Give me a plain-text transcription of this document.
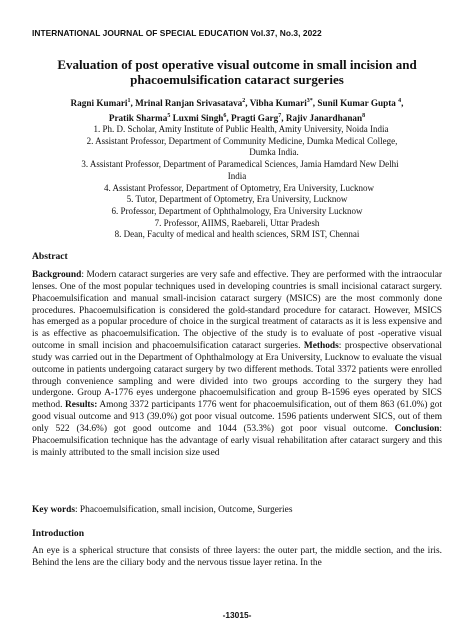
INTERNATIONAL JOURNAL OF SPECIAL EDUCATION Vol.37, No.3, 2022
Evaluation of post operative visual outcome in small incision and
phacoemulsification cataract surgeries
Ragni Kumari$^1$, Mrinal Ranjan Srivasatava$^2$, Vibha Kumari$^{3*}$, Sunil Kumar Gupta $^4$,
Pratik Sharma$^5$ Luxmi Singh$^6$, Pragti Garg$^7$, Rajiv Janardhanan$^8$
1. Ph. D. Scholar, Amity Institute of Public Health, Amity University, Noida India
2. Assistant Professor, Department of Community Medicine, Dumka Medical College,
Dumka India.
3. Assistant Professor, Department of Paramedical Sciences, Jamia Hamdard New Delhi
India
4. Assistant Professor, Department of Optometry, Era University, Lucknow
5. Tutor, Department of Optometry, Era University, Lucknow
6. Professor, Department of Ophthalmology, Era University Lucknow
7. Professor, AIIMS, Raebareli, Uttar Pradesh
8. Dean, Faculty of medical and health sciences, SRM IST, Chennai
Abstract
Background: Modern cataract surgeries are very safe and effective. They are performed with the intraocular lenses. One of the most popular techniques used in developing countries is small incisional cataract surgery. Phacoemulsification and manual small-incision cataract surgery (MSICS) are the most commonly done procedures. Phacoemulsification is considered the gold-standard procedure for cataract. However, MSICS has emerged as a popular procedure of choice in the surgical treatment of cataracts as it is less expensive and is as effective as phacoemulsification. The objective of the study is to evaluate of post -operative visual outcome in small incision and phacoemulsification cataract surgeries. Methods: prospective observational study was carried out in the Department of Ophthalmology at Era University, Lucknow to evaluate the visual outcome in patients undergoing cataract surgery by two different methods. Total 3372 patients were enrolled through convenience sampling and were divided into two groups according to the surgery they had undergone. Group A-1776 eyes undergone phacoemulsification and group B-1596 eyes operated by SICS method. Results: Among 3372 participants 1776 went for phacoemulsification, out of them 863 (61.0%) got good visual outcome and 913 (39.0%) got poor visual outcome. 1596 patients underwent SICS, out of them only 522 (34.6%) got good outcome and 1044 (53.3%) got poor visual outcome. Conclusion: Phacoemulsification technique has the advantage of early visual rehabilitation after cataract surgery and this is mainly attributed to the small incision size used
Key words: Phacoemulsification, small incision, Outcome, Surgeries
Introduction
An eye is a spherical structure that consists of three layers: the outer part, the middle section, and the iris. Behind the lens are the ciliary body and the nervous tissue layer retina. In the
-13015-
